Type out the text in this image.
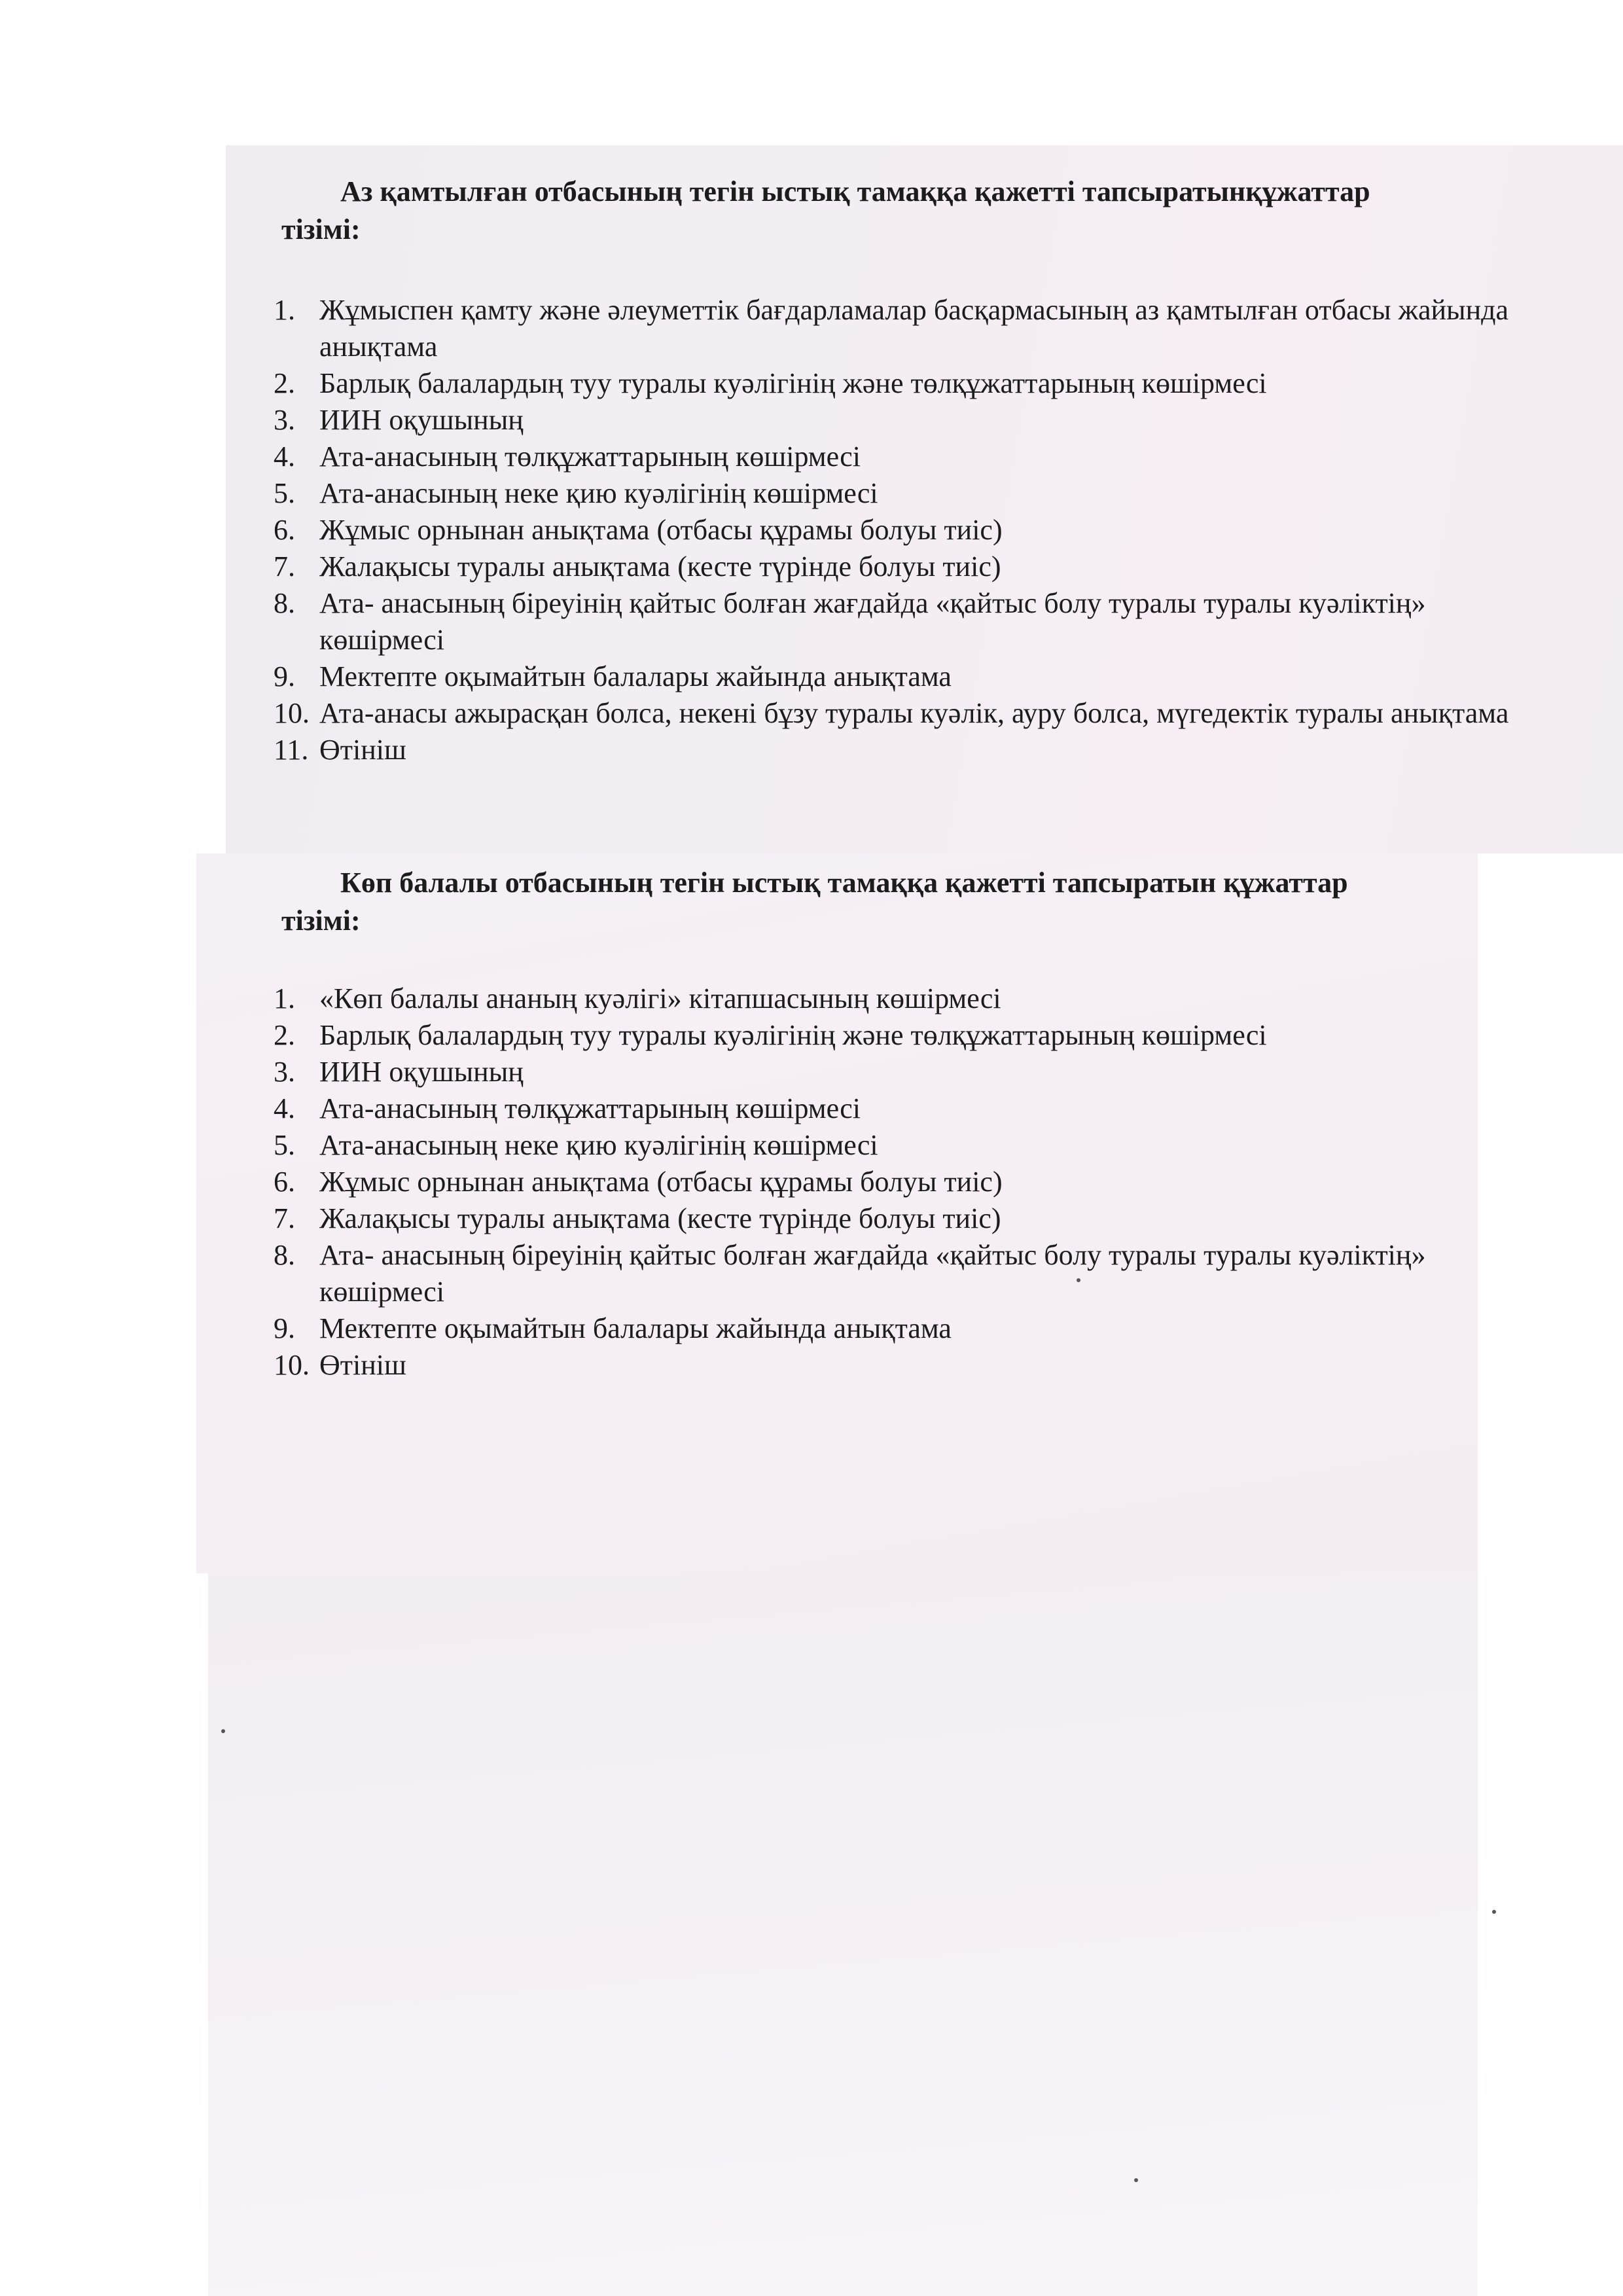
Аз қамтылған отбасының тегін ыстық тамаққа қажетті тапсыратынқұжаттар
тізімі:
1. Жұмыспен қамту және әлеуметтік бағдарламалар басқармасының аз қамтылған отбасы жайында анықтама
2. Барлық балалардың туу туралы куәлігінің және төлқұжаттарының көшірмесі
3. ИИН оқушының
4. Ата-анасының төлқұжаттарының көшірмесі
5. Ата-анасының неке қию куәлігінің көшірмесі
6. Жұмыс орнынан анықтама (отбасы құрамы болуы тиіс)
7. Жалақысы туралы анықтама (кесте түрінде болуы тиіс)
8. Ата- анасының біреуінің қайтыс болған жағдайда «қайтыс болу туралы туралы куәліктің» көшірмесі
9. Мектепте оқымайтын балалары жайында анықтама
10. Ата-анасы ажырасқан болса, некені бұзу туралы куәлік, ауру болса, мүгедектік туралы анықтама
11. Өтініш
Көп балалы отбасының тегін ыстық тамаққа қажетті тапсыратын құжаттар
тізімі:
1. «Көп балалы ананың куәлігі» кітапшасының көшірмесі
2. Барлық балалардың туу туралы куәлігінің және төлқұжаттарының көшірмесі
3. ИИН оқушының
4. Ата-анасының төлқұжаттарының көшірмесі
5. Ата-анасының неке қию куәлігінің көшірмесі
6. Жұмыс орнынан анықтама (отбасы құрамы болуы тиіс)
7. Жалақысы туралы анықтама (кесте түрінде болуы тиіс)
8. Ата- анасының біреуінің қайтыс болған жағдайда «қайтыс болу туралы туралы куәліктің» көшірмесі
9. Мектепте оқымайтын балалары жайында анықтама
10. Өтініш
